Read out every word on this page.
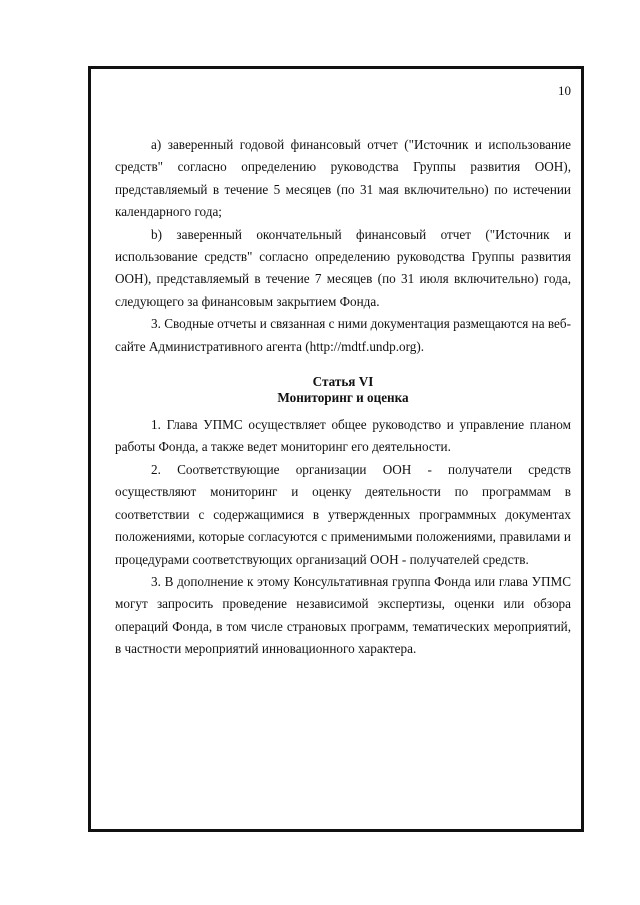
10

a) заверенный годовой финансовый отчет ("Источник и использование средств" согласно определению руководства Группы развития ООН), представляемый в течение 5 месяцев (по 31 мая включительно) по истечении календарного года;

b) заверенный окончательный финансовый отчет ("Источник и использование средств" согласно определению руководства Группы развития ООН), представляемый в течение 7 месяцев (по 31 июля включительно) года, следующего за финансовым закрытием Фонда.

3. Сводные отчеты и связанная с ними документация размещаются на веб-сайте Административного агента (http://mdtf.undp.org).

Статья VI
Мониторинг и оценка

1. Глава УПМС осуществляет общее руководство и управление планом работы Фонда, а также ведет мониторинг его деятельности.

2. Соответствующие организации ООН - получатели средств осуществляют мониторинг и оценку деятельности по программам в соответствии с содержащимися в утвержденных программных документах положениями, которые согласуются с применимыми положениями, правилами и процедурами соответствующих организаций ООН - получателей средств.

3. В дополнение к этому Консультативная группа Фонда или глава УПМС могут запросить проведение независимой экспертизы, оценки или обзора операций Фонда, в том числе страновых программ, тематических мероприятий, в частности мероприятий инновационного характера.
